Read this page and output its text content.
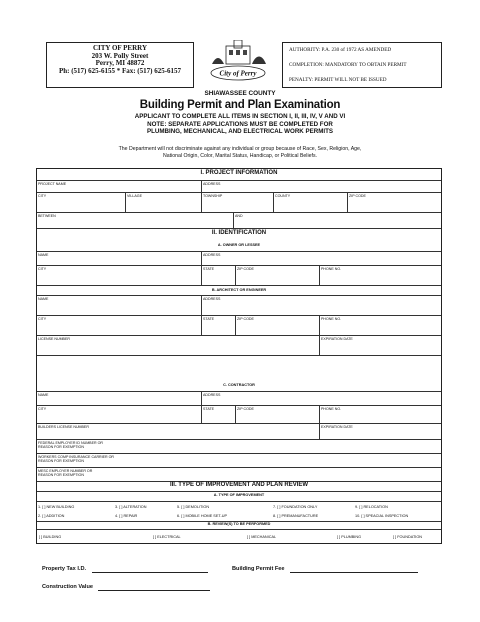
CITY OF PERRY
203 W. Polly Street
Perry, MI 48872
Ph: (517) 625-6155 * Fax: (517) 625-6157	City of Perry
AUTHORITY: P.A. 230 of 1972 AS AMENDED
COMPLETION: MANDATORY TO OBTAIN PERMIT
PENALTY: PERMIT WILL NOT BE ISSUED
SHIAWASSEE COUNTY
Building Permit and Plan Examination
APPLICANT TO COMPLETE ALL ITEMS IN SECTION I, II, III, IV, V AND VI
NOTE: SEPARATE APPLICATIONS MUST BE COMPLETED FOR
PLUMBING, MECHANICAL, AND ELECTRICAL WORK PERMITS
The Department will not discriminate against any individual or group because of Race, Sex, Religion, Age,
National Origin, Color, Marital Status, Handicap, or Political Beliefs.
I. PROJECT INFORMATION
PROJECT NAME	ADDRESS
CITY	VILLAGE	TOWNSHIP	COUNTY	ZIP CODE
BETWEEN	AND
II. IDENTIFICATION
A. OWNER OR LESSEE
NAME	ADDRESS
CITY	STATE	ZIP CODE	PHONE NO.
B. ARCHITECT OR ENGINEER
NAME	ADDRESS
CITY	STATE	ZIP CODE	PHONE NO.
LICENSE NUMBER	EXPIRATION DATE
C. CONTRACTOR
NAME	ADDRESS
CITY	STATE	ZIP CODE	PHONE NO.
BUILDERS LICENSE NUMBER	EXPIRATION DATE
FEDERAL EMPLOYER ID NUMBER OR
REASON FOR EXEMPTION
WORKERS COMP INSURANCE CARRIER OR
REASON FOR EXEMPTION
MESC EMPLOYER NUMBER OR
REASON FOR EXEMPTION
III. TYPE OF IMPROVEMENT AND PLAN REVIEW
A. TYPE OF IMPROVEMENT
1. [ ] NEW BUILDING	3. [ ] ALTERATION	5. [ ] DEMOLITION	7. [ ] FOUNDATION ONLY	9. [ ] RELOCATION
2. [ ] ADDITION	4. [ ] REPAIR	6. [ ] MOBILE HOME SET-UP	8. [ ] PREMANUFACTURE	10. [ ] SPEACIAL INSPECTION
B. REVIEW(S) TO BE PERFORMED
[ ] BUILDING	[ ] ELECTRICAL	[ ] MECHANICAL	[ ] PLUMBING	[ ] FOUNDATION
Property Tax I.D.	Building Permit Fee
Construction Value
